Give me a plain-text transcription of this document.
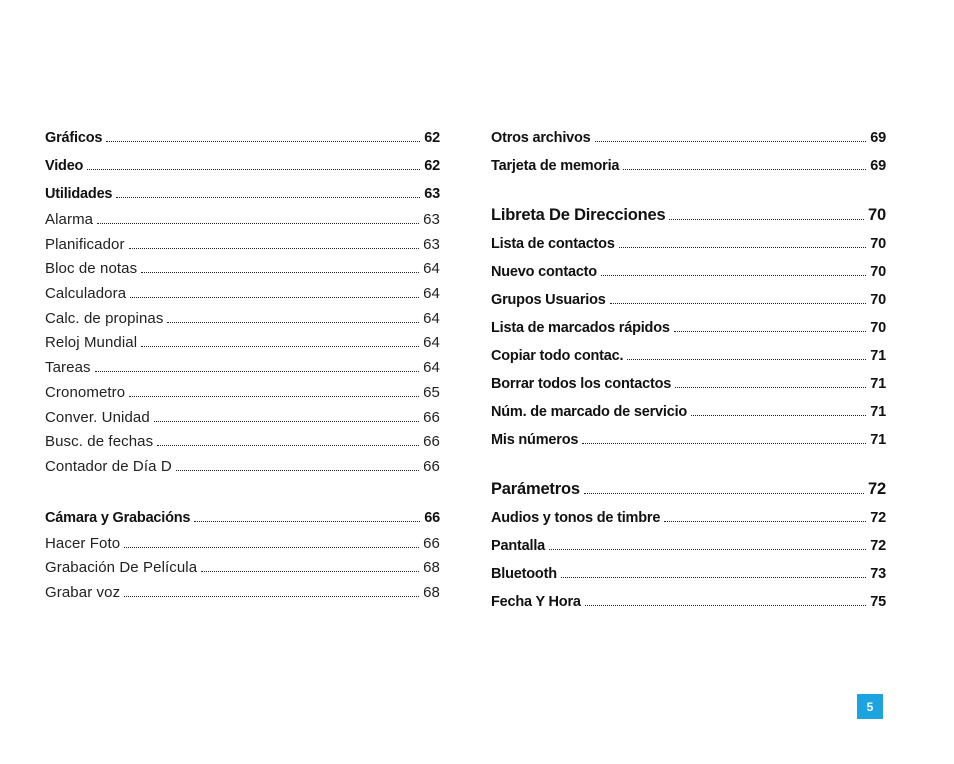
Gráficos	62
Video	62
Utilidades	63
Alarma	63
Planificador	63
Bloc de notas	64
Calculadora	64
Calc. de propinas	64
Reloj Mundial	64
Tareas	64
Cronometro	65
Conver. Unidad	66
Busc. de fechas	66
Contador de Día D	66
Cámara y Grabacións	66
Hacer Foto	66
Grabación De Película	68
Grabar voz	68
Otros archivos	69
Tarjeta de memoria	69
Libreta De Direcciones	70
Lista de contactos	70
Nuevo contacto	70
Grupos Usuarios	70
Lista de marcados rápidos	70
Copiar todo contac.	71
Borrar todos los contactos	71
Núm. de marcado de servicio	71
Mis números	71
Parámetros	72
Audios y tonos de timbre	72
Pantalla	72
Bluetooth	73
Fecha Y Hora	75
5
